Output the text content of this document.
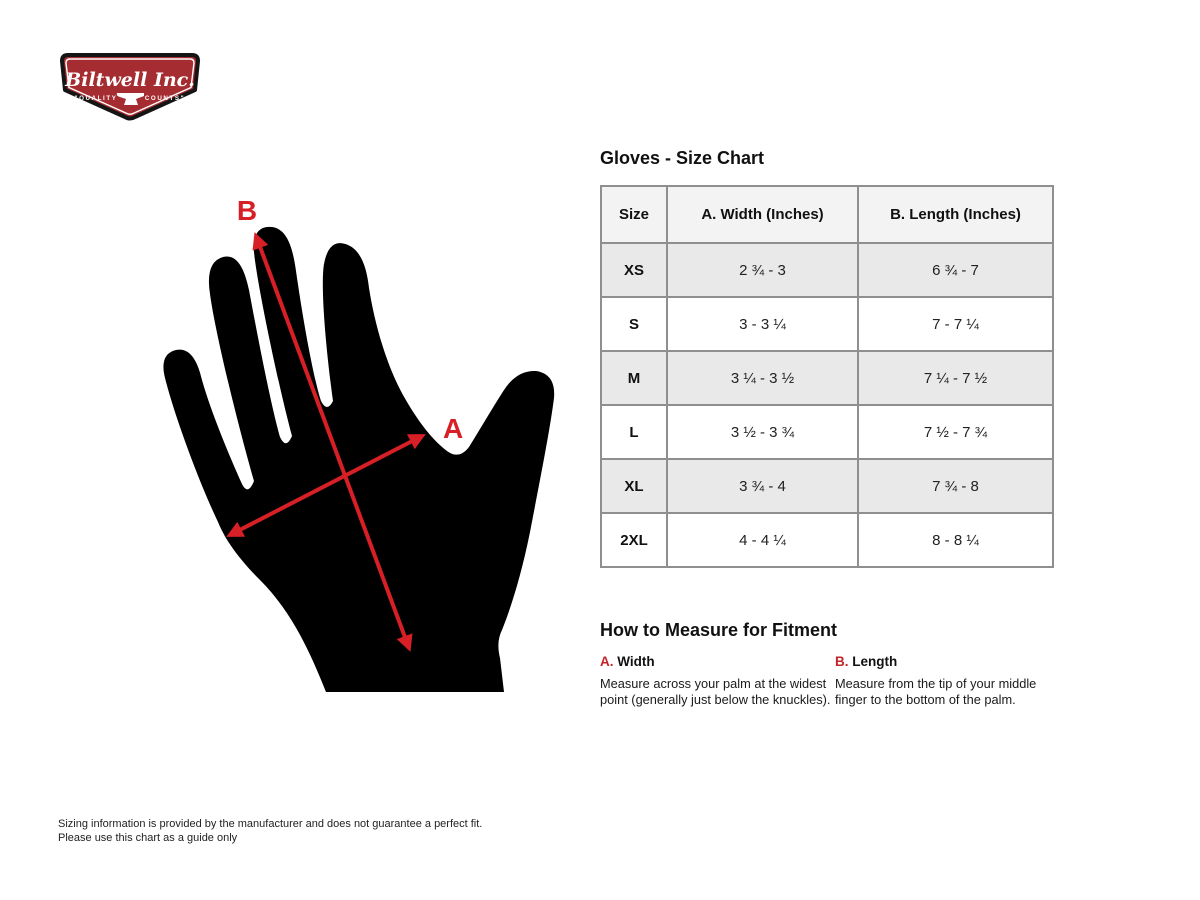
Biltwell Inc.
"QUALITY	COUNTS"
B
A
Gloves - Size Chart
Size	A. Width (Inches)	B. Length (Inches)
XS	2 ¾ - 3	6 ¾ - 7
S	3 - 3 ¼	7 - 7 ¼
M	3 ¼ - 3 ½	7 ¼ - 7 ½
L	3 ½ - 3 ¾	7 ½ - 7 ¾
XL	3 ¾ - 4	7 ¾ - 8
2XL	4 - 4 ¼	8 - 8 ¼
How to Measure for Fitment
A. Width

Measure across your palm at the widest point (generally just below the knuckles).

B. Length

Measure from the tip of your middle finger to the bottom of the palm.

Sizing information is provided by the manufacturer and does not guarantee a perfect fit.
Please use this chart as a guide only
